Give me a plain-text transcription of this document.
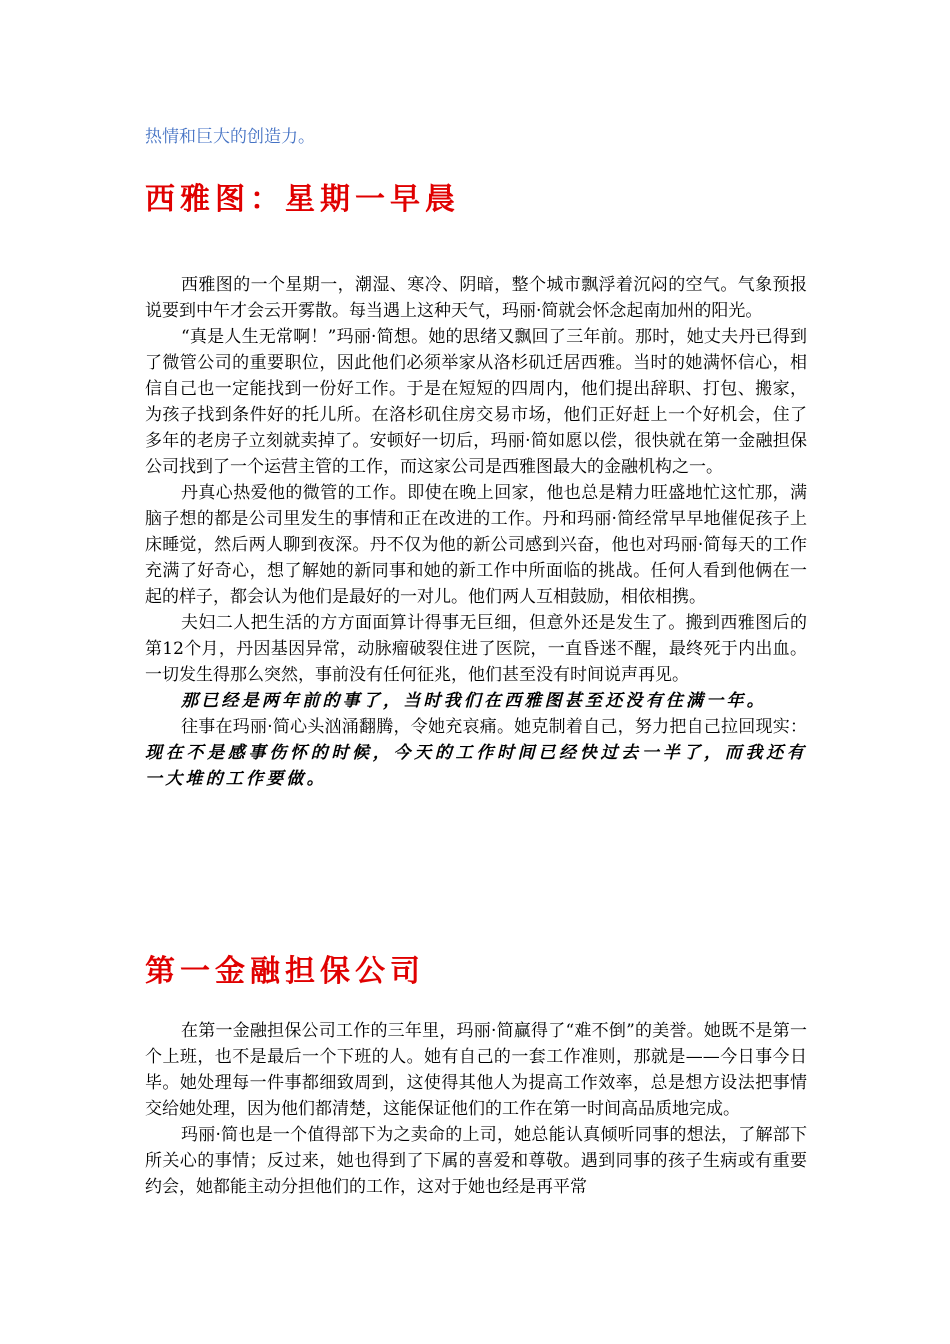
热情和巨大的创造力。
西雅图：星期一早晨

西雅图的一个星期一，潮湿、寒冷、阴暗，整个城市飘浮着沉闷的空气。气象预报说要到中午才会云开雾散。每当遇上这种天气，玛丽·简就会怀念起南加州的阳光。

“真是人生无常啊！”玛丽·简想。她的思绪又飘回了三年前。那时，她丈夫丹已得到了微管公司的重要职位，因此他们必须举家从洛杉矶迁居西雅。当时的她满怀信心，相信自己也一定能找到一份好工作。于是在短短的四周内，他们提出辞职、打包、搬家，为孩子找到条件好的托儿所。在洛杉矶住房交易市场，他们正好赶上一个好机会，住了多年的老房子立刻就卖掉了。安顿好一切后，玛丽·简如愿以偿，很快就在第一金融担保公司找到了一个运营主管的工作，而这家公司是西雅图最大的金融机构之一。

丹真心热爱他的微管的工作。即使在晚上回家，他也总是精力旺盛地忙这忙那，满脑子想的都是公司里发生的事情和正在改进的工作。丹和玛丽·简经常早早地催促孩子上床睡觉，然后两人聊到夜深。丹不仅为他的新公司感到兴奋，他也对玛丽·简每天的工作充满了好奇心，想了解她的新同事和她的新工作中所面临的挑战。任何人看到他俩在一起的样子，都会认为他们是最好的一对儿。他们两人互相鼓励，相依相携。

夫妇二人把生活的方方面面算计得事无巨细，但意外还是发生了。搬到西雅图后的第12个月，丹因基因异常，动脉瘤破裂住进了医院，一直昏迷不醒，最终死于内出血。一切发生得那么突然，事前没有任何征兆，他们甚至没有时间说声再见。

那已经是两年前的事了，当时我们在西雅图甚至还没有住满一年。

往事在玛丽·简心头汹涌翻腾，令她充哀痛。她克制着自己，努力把自己拉回现实：现在不是感事伤怀的时候，今天的工作时间已经快过去一半了，而我还有一大堆的工作要做。

第一金融担保公司

在第一金融担保公司工作的三年里，玛丽·简赢得了“难不倒”的美誉。她既不是第一个上班，也不是最后一个下班的人。她有自己的一套工作准则，那就是——今日事今日毕。她处理每一件事都细致周到，这使得其他人为提高工作效率，总是想方设法把事情交给她处理，因为他们都清楚，这能保证他们的工作在第一时间高品质地完成。

玛丽·简也是一个值得部下为之卖命的上司，她总能认真倾听同事的想法，了解部下所关心的事情；反过来，她也得到了下属的喜爱和尊敬。遇到同事的孩子生病或有重要约会，她都能主动分担他们的工作，这对于她也经是再平常
